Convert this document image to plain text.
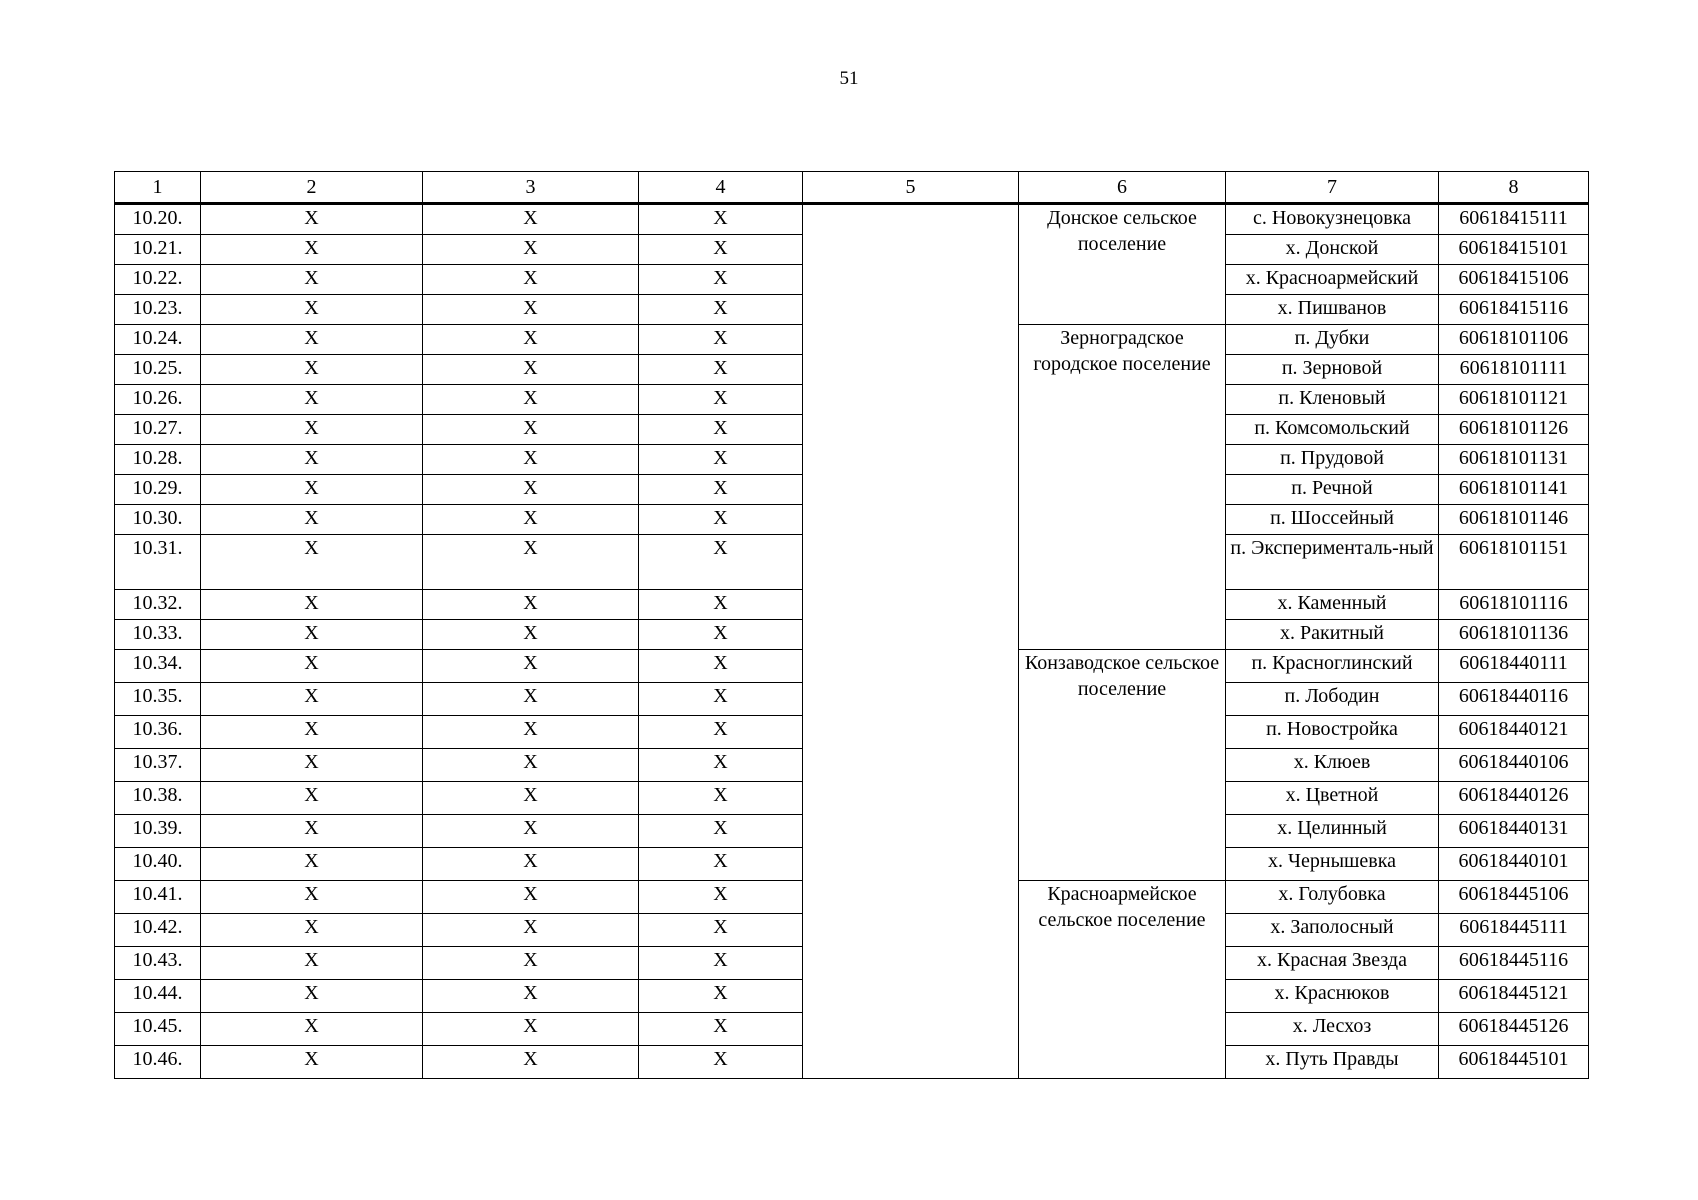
51
1	2	3	4	5	6	7	8
10.20.	X	X	X		Донское сельское поселение	с. Новокузнецовка	60618415111
10.21.	X	X	X			х. Донской	60618415101
10.22.	X	X	X			х. Красноармейский	60618415106
10.23.	X	X	X			х. Пишванов	60618415116
10.24.	X	X	X		Зерноградское городское поселение	п. Дубки	60618101106
10.25.	X	X	X			п. Зерновой	60618101111
10.26.	X	X	X			п. Кленовый	60618101121
10.27.	X	X	X			п. Комсомольский	60618101126
10.28.	X	X	X			п. Прудовой	60618101131
10.29.	X	X	X			п. Речной	60618101141
10.30.	X	X	X			п. Шоссейный	60618101146
10.31.	X	X	X			п. Эксперименталь-ный	60618101151
10.32.	X	X	X			х. Каменный	60618101116
10.33.	X	X	X			х. Ракитный	60618101136
10.34.	X	X	X		Конзаводское сельское поселение	п. Красноглинский	60618440111
10.35.	X	X	X			п. Лободин	60618440116
10.36.	X	X	X			п. Новостройка	60618440121
10.37.	X	X	X			х. Клюев	60618440106
10.38.	X	X	X			х. Цветной	60618440126
10.39.	X	X	X			х. Целинный	60618440131
10.40.	X	X	X			х. Чернышевка	60618440101
10.41.	X	X	X		Красноармейское сельское поселение	х. Голубовка	60618445106
10.42.	X	X	X			х. Заполосный	60618445111
10.43.	X	X	X			х. Красная Звезда	60618445116
10.44.	X	X	X			х. Краснюков	60618445121
10.45.	X	X	X			х. Лесхоз	60618445126
10.46.	X	X	X			х. Путь Правды	60618445101
